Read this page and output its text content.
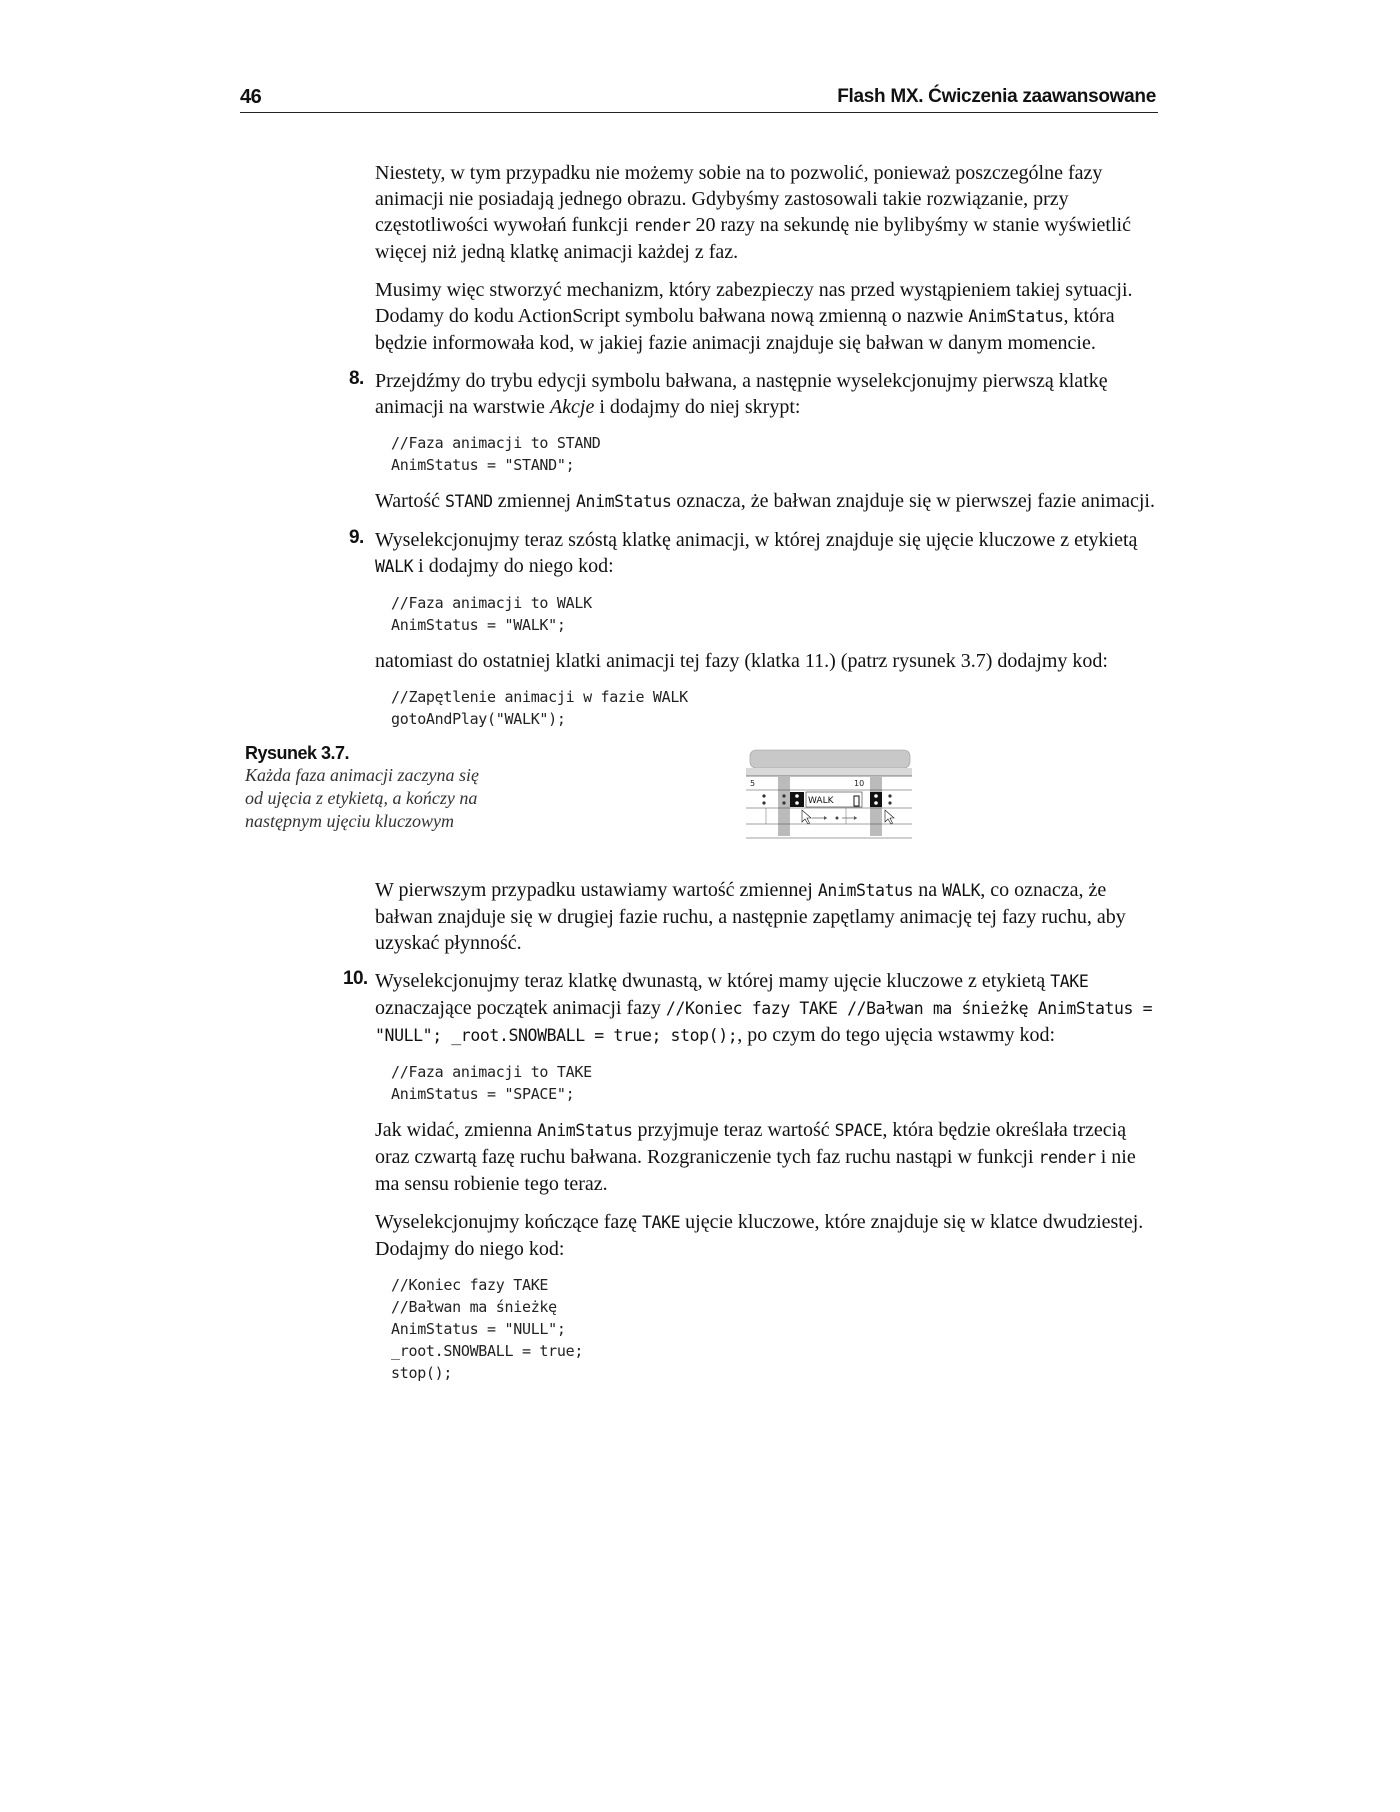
46	Flash MX. Ćwiczenia zaawansowane

Niestety, w tym przypadku nie możemy sobie na to pozwolić, ponieważ poszczególne fazy animacji nie posiadają jednego obrazu. Gdybyśmy zastosowali takie rozwiązanie, przy częstotliwości wywołań funkcji render 20 razy na sekundę nie bylibyśmy w stanie wyświetlić więcej niż jedną klatkę animacji każdej z faz.

Musimy więc stworzyć mechanizm, który zabezpieczy nas przed wystąpieniem takiej sytuacji. Dodamy do kodu ActionScript symbolu bałwana nową zmienną o nazwie AnimStatus, która będzie informowała kod, w jakiej fazie animacji znajduje się bałwan w danym momencie.

8. Przejdźmy do trybu edycji symbolu bałwana, a następnie wyselekcjonujmy pierwszą klatkę animacji na warstwie Akcje i dodajmy do niej skrypt:

//Faza animacji to STAND
AnimStatus = "STAND";

Wartość STAND zmiennej AnimStatus oznacza, że bałwan znajduje się w pierwszej fazie animacji.

9. Wyselekcjonujmy teraz szóstą klatkę animacji, w której znajduje się ujęcie kluczowe z etykietą WALK i dodajmy do niego kod:

//Faza animacji to WALK
AnimStatus = "WALK";

natomiast do ostatniej klatki animacji tej fazy (klatka 11.) (patrz rysunek 3.7) dodajmy kod:

//Zapętlenie animacji w fazie WALK
gotoAndPlay("WALK");
Rysunek 3.7.
Każda faza animacji zaczyna się od ujęcia z etykietą, a kończy na następnym ujęciu kluczowym
5	10
WALK

W pierwszym przypadku ustawiamy wartość zmiennej AnimStatus na WALK, co oznacza, że bałwan znajduje się w drugiej fazie ruchu, a następnie zapętlamy animację tej fazy ruchu, aby uzyskać płynność.

10. Wyselekcjonujmy teraz klatkę dwunastą, w której mamy ujęcie kluczowe z etykietą TAKE oznaczające początek animacji fazy //Koniec fazy TAKE //Bałwan ma śnieżkę AnimStatus = "NULL"; _root.SNOWBALL = true; stop();, po czym do tego ujęcia wstawmy kod:

//Faza animacji to TAKE
AnimStatus = "SPACE";

Jak widać, zmienna AnimStatus przyjmuje teraz wartość SPACE, która będzie określała trzecią oraz czwartą fazę ruchu bałwana. Rozgraniczenie tych faz ruchu nastąpi w funkcji render i nie ma sensu robienie tego teraz.

Wyselekcjonujmy kończące fazę TAKE ujęcie kluczowe, które znajduje się w klatce dwudziestej. Dodajmy do niego kod:

//Koniec fazy TAKE
//Bałwan ma śnieżkę
AnimStatus = "NULL";
_root.SNOWBALL = true;
stop();
